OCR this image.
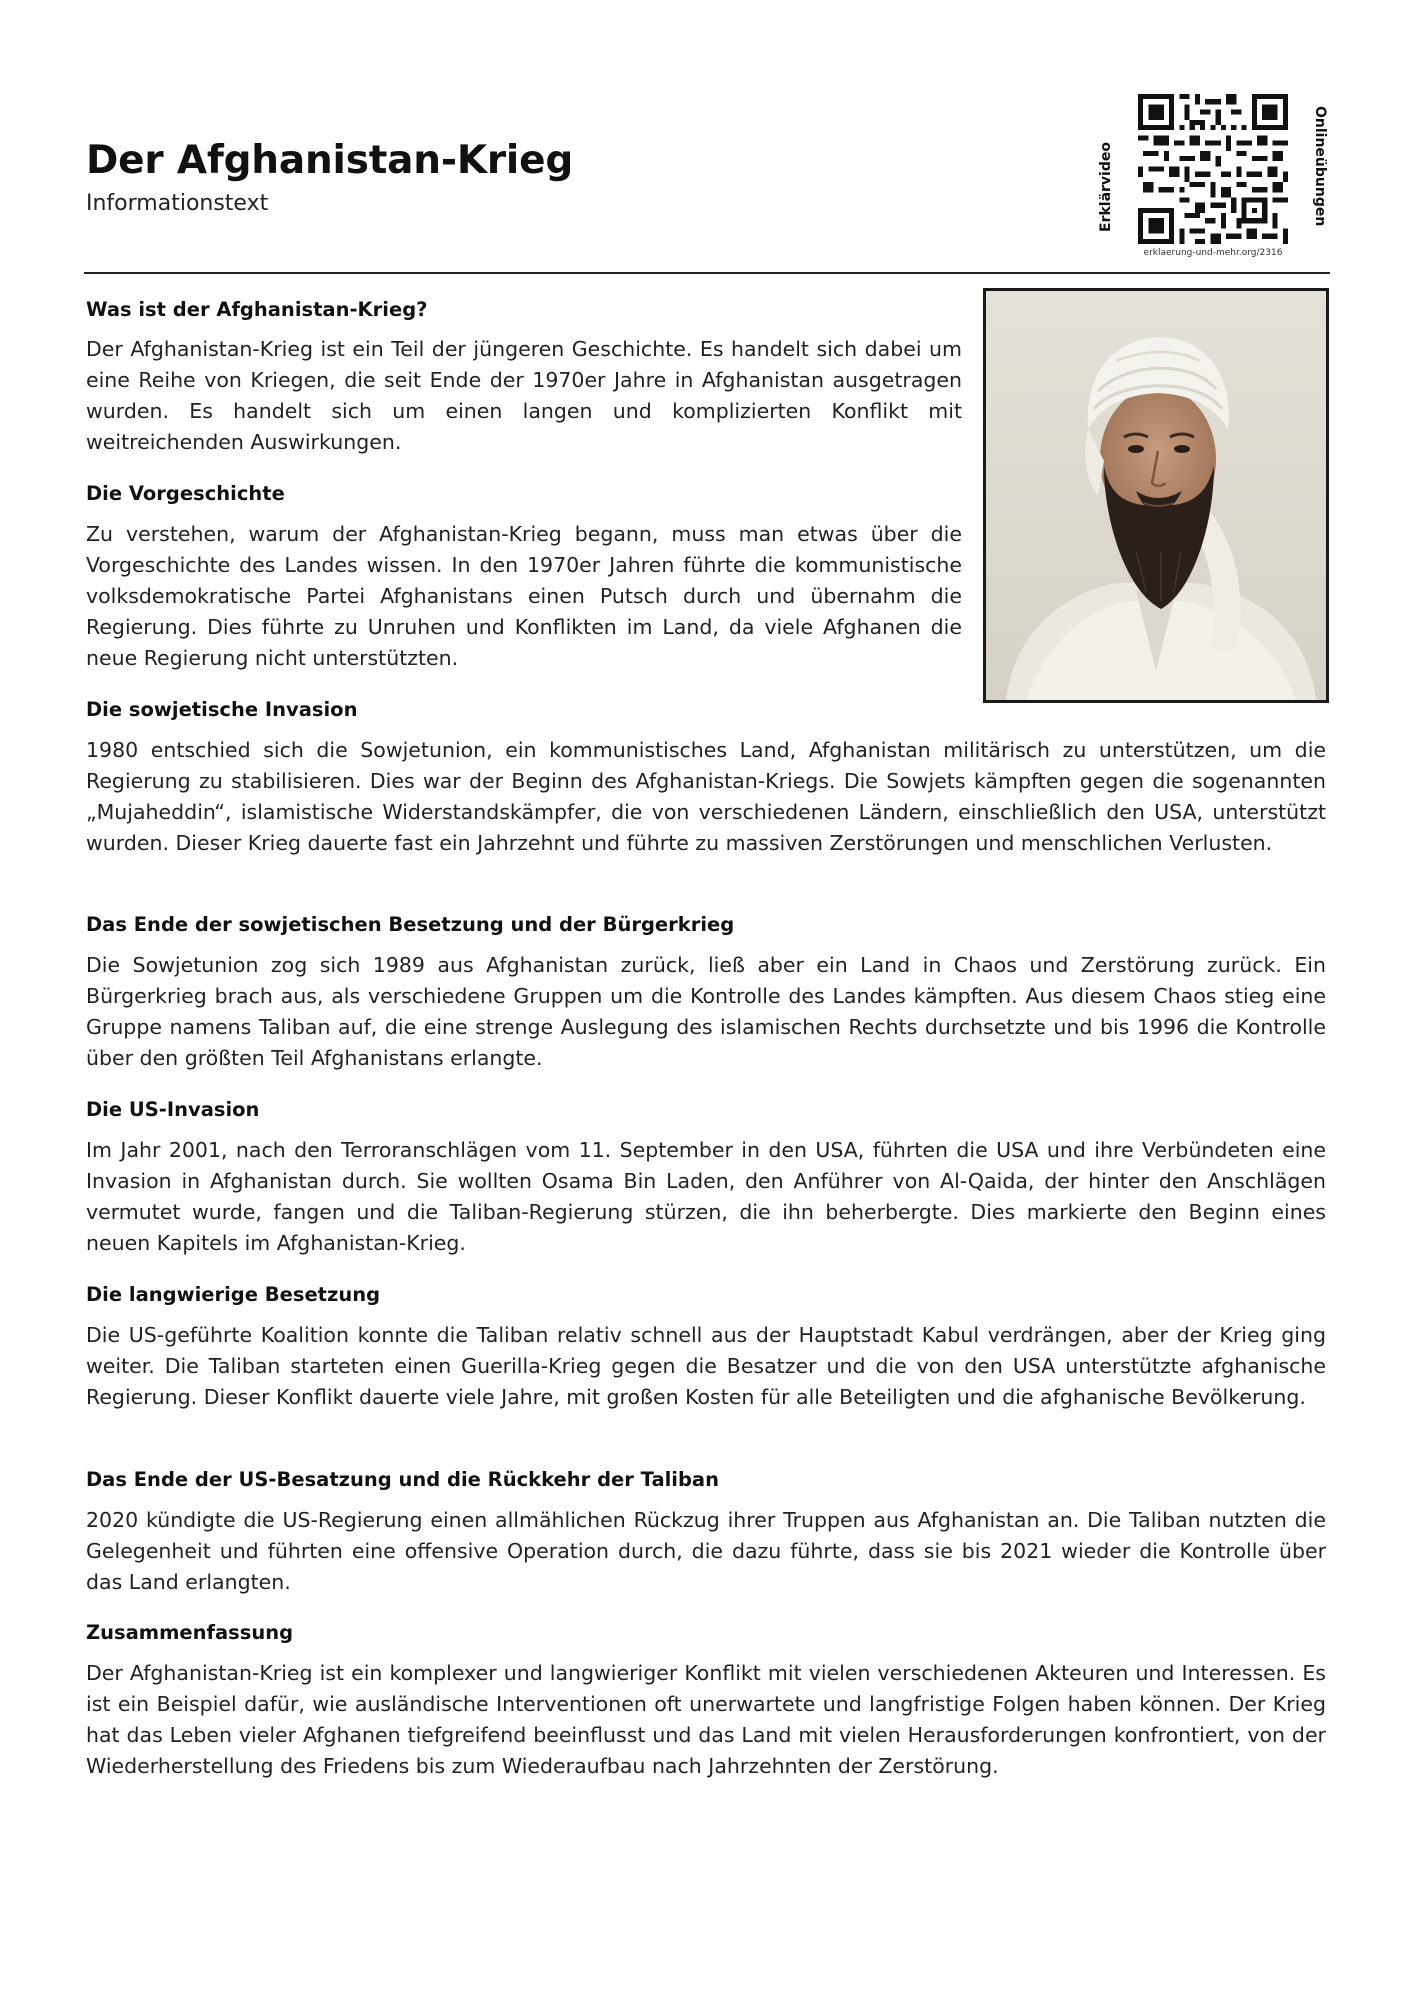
Der Afghanistan-Krieg

Informationstext	Erklärvideo	Onlineübungen
erklaerung-und-mehr.org/2316
Was ist der Afghanistan-Krieg?

Der Afghanistan-Krieg ist ein Teil der jüngeren Geschichte. Es handelt sich dabei um eine Reihe von Kriegen, die seit Ende der 1970er Jahre in Afghanistan ausgetragen wurden. Es handelt sich um einen langen und komplizierten Konflikt mit weitreichenden Auswirkungen.

Die Vorgeschichte

Zu verstehen, warum der Afghanistan-Krieg begann, muss man etwas über die Vorgeschichte des Landes wissen. In den 1970er Jahren führte die kommunistische volksdemokratische Partei Afghanistans einen Putsch durch und übernahm die Regierung. Dies führte zu Unruhen und Konflikten im Land, da viele Afghanen die neue Regierung nicht unterstützten.

Die sowjetische Invasion

1980 entschied sich die Sowjetunion, ein kommunistisches Land, Afghanistan militärisch zu unterstützen, um die Regierung zu stabilisieren. Dies war der Beginn des Afghanistan-Kriegs. Die Sowjets kämpften gegen die sogenannten „Mujaheddin“, islamistische Widerstandskämpfer, die von verschiedenen Ländern, einschließlich den USA, unterstützt wurden. Dieser Krieg dauerte fast ein Jahrzehnt und führte zu massiven Zerstörungen und menschlichen Verlusten.

Das Ende der sowjetischen Besetzung und der Bürgerkrieg

Die Sowjetunion zog sich 1989 aus Afghanistan zurück, ließ aber ein Land in Chaos und Zerstörung zurück. Ein Bürgerkrieg brach aus, als verschiedene Gruppen um die Kontrolle des Landes kämpften. Aus diesem Chaos stieg eine Gruppe namens Taliban auf, die eine strenge Auslegung des islamischen Rechts durchsetzte und bis 1996 die Kontrolle über den größten Teil Afghanistans erlangte.

Die US-Invasion

Im Jahr 2001, nach den Terroranschlägen vom 11. September in den USA, führten die USA und ihre Verbündeten eine Invasion in Afghanistan durch. Sie wollten Osama Bin Laden, den Anführer von Al-Qaida, der hinter den Anschlägen vermutet wurde, fangen und die Taliban-Regierung stürzen, die ihn beherbergte. Dies markierte den Beginn eines neuen Kapitels im Afghanistan-Krieg.

Die langwierige Besetzung

Die US-geführte Koalition konnte die Taliban relativ schnell aus der Hauptstadt Kabul verdrängen, aber der Krieg ging weiter. Die Taliban starteten einen Guerilla-Krieg gegen die Besatzer und die von den USA unterstützte afghanische Regierung. Dieser Konflikt dauerte viele Jahre, mit großen Kosten für alle Beteiligten und die afghanische Bevölkerung.

Das Ende der US-Besatzung und die Rückkehr der Taliban

2020 kündigte die US-Regierung einen allmählichen Rückzug ihrer Truppen aus Afghanistan an. Die Taliban nutzten die Gelegenheit und führten eine offensive Operation durch, die dazu führte, dass sie bis 2021 wieder die Kontrolle über das Land erlangten.

Zusammenfassung

Der Afghanistan-Krieg ist ein komplexer und langwieriger Konflikt mit vielen verschiedenen Akteuren und Interessen. Es ist ein Beispiel dafür, wie ausländische Interventionen oft unerwartete und langfristige Folgen haben können. Der Krieg hat das Leben vieler Afghanen tiefgreifend beeinflusst und das Land mit vielen Herausforderungen konfrontiert, von der Wiederherstellung des Friedens bis zum Wiederaufbau nach Jahrzehnten der Zerstörung.
